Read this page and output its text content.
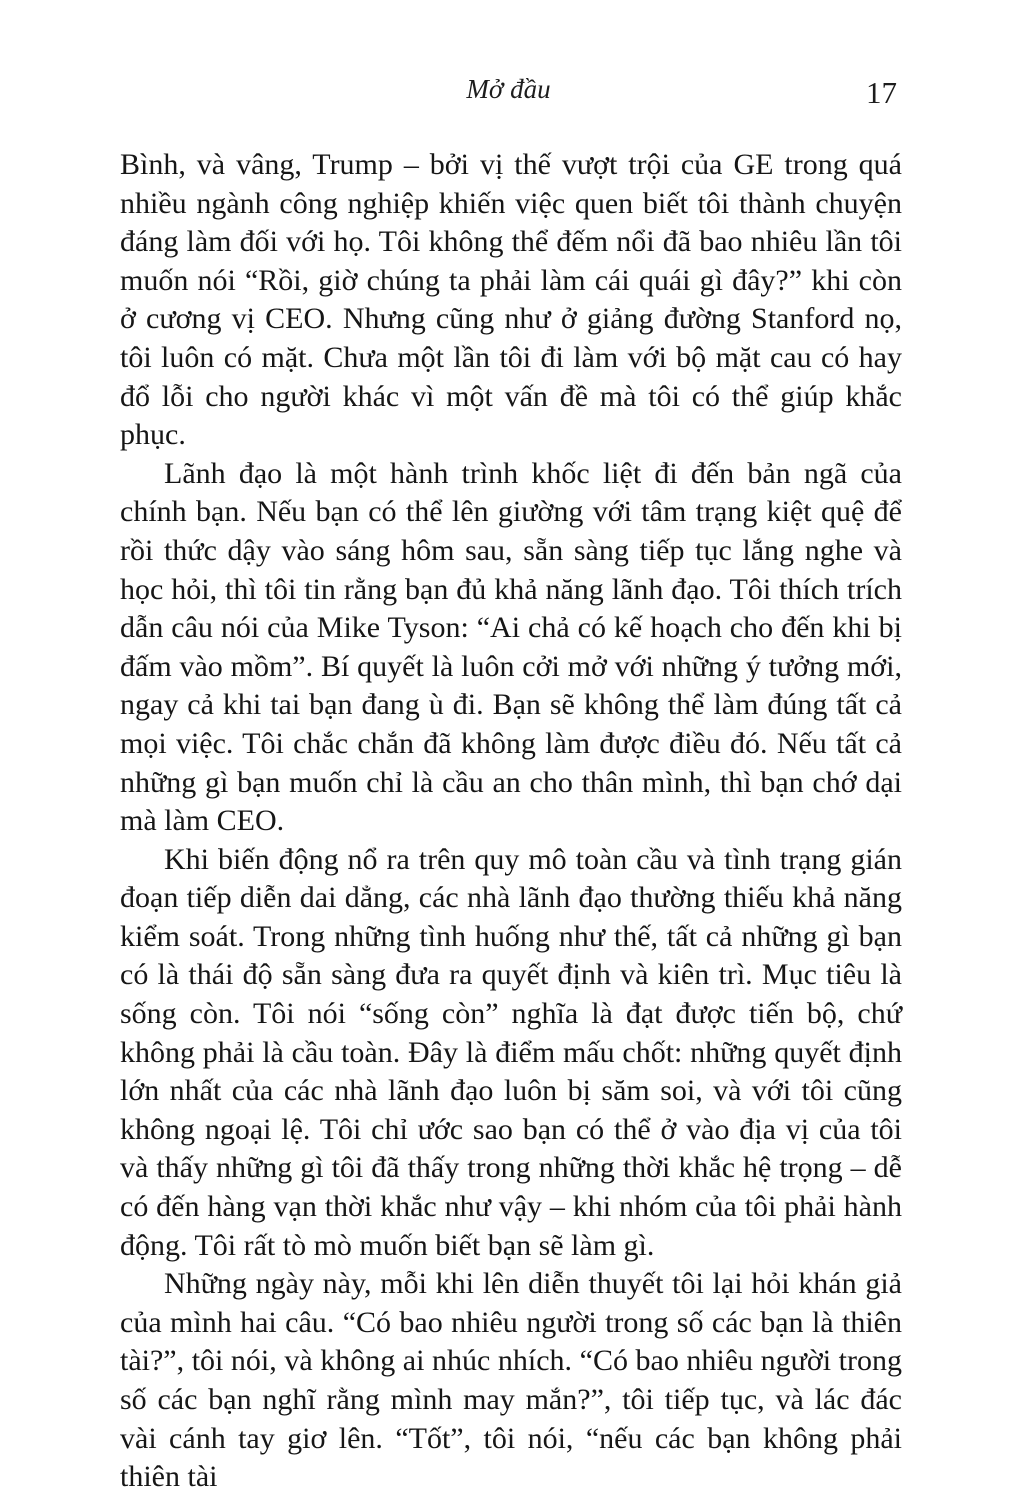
Mở đầu	17

Bình, và vâng, Trump – bởi vị thế vượt trội của GE trong quá nhiều ngành công nghiệp khiến việc quen biết tôi thành chuyện đáng làm đối với họ. Tôi không thể đếm nổi đã bao nhiêu lần tôi muốn nói “Rồi, giờ chúng ta phải làm cái quái gì đây?” khi còn ở cương vị CEO. Nhưng cũng như ở giảng đường Stanford nọ, tôi luôn có mặt. Chưa một lần tôi đi làm với bộ mặt cau có hay đổ lỗi cho người khác vì một vấn đề mà tôi có thể giúp khắc phục.

Lãnh đạo là một hành trình khốc liệt đi đến bản ngã của chính bạn. Nếu bạn có thể lên giường với tâm trạng kiệt quệ để rồi thức dậy vào sáng hôm sau, sẵn sàng tiếp tục lắng nghe và học hỏi, thì tôi tin rằng bạn đủ khả năng lãnh đạo. Tôi thích trích dẫn câu nói của Mike Tyson: “Ai chả có kế hoạch cho đến khi bị đấm vào mồm”. Bí quyết là luôn cởi mở với những ý tưởng mới, ngay cả khi tai bạn đang ù đi. Bạn sẽ không thể làm đúng tất cả mọi việc. Tôi chắc chắn đã không làm được điều đó. Nếu tất cả những gì bạn muốn chỉ là cầu an cho thân mình, thì bạn chớ dại mà làm CEO.

Khi biến động nổ ra trên quy mô toàn cầu và tình trạng gián đoạn tiếp diễn dai dẳng, các nhà lãnh đạo thường thiếu khả năng kiểm soát. Trong những tình huống như thế, tất cả những gì bạn có là thái độ sẵn sàng đưa ra quyết định và kiên trì. Mục tiêu là sống còn. Tôi nói “sống còn” nghĩa là đạt được tiến bộ, chứ không phải là cầu toàn. Đây là điểm mấu chốt: những quyết định lớn nhất của các nhà lãnh đạo luôn bị săm soi, và với tôi cũng không ngoại lệ. Tôi chỉ ước sao bạn có thể ở vào địa vị của tôi và thấy những gì tôi đã thấy trong những thời khắc hệ trọng – dễ có đến hàng vạn thời khắc như vậy – khi nhóm của tôi phải hành động. Tôi rất tò mò muốn biết bạn sẽ làm gì.

Những ngày này, mỗi khi lên diễn thuyết tôi lại hỏi khán giả của mình hai câu. “Có bao nhiêu người trong số các bạn là thiên tài?”, tôi nói, và không ai nhúc nhích. “Có bao nhiêu người trong số các bạn nghĩ rằng mình may mắn?”, tôi tiếp tục, và lác đác vài cánh tay giơ lên. “Tốt”, tôi nói, “nếu các bạn không phải thiên tài
